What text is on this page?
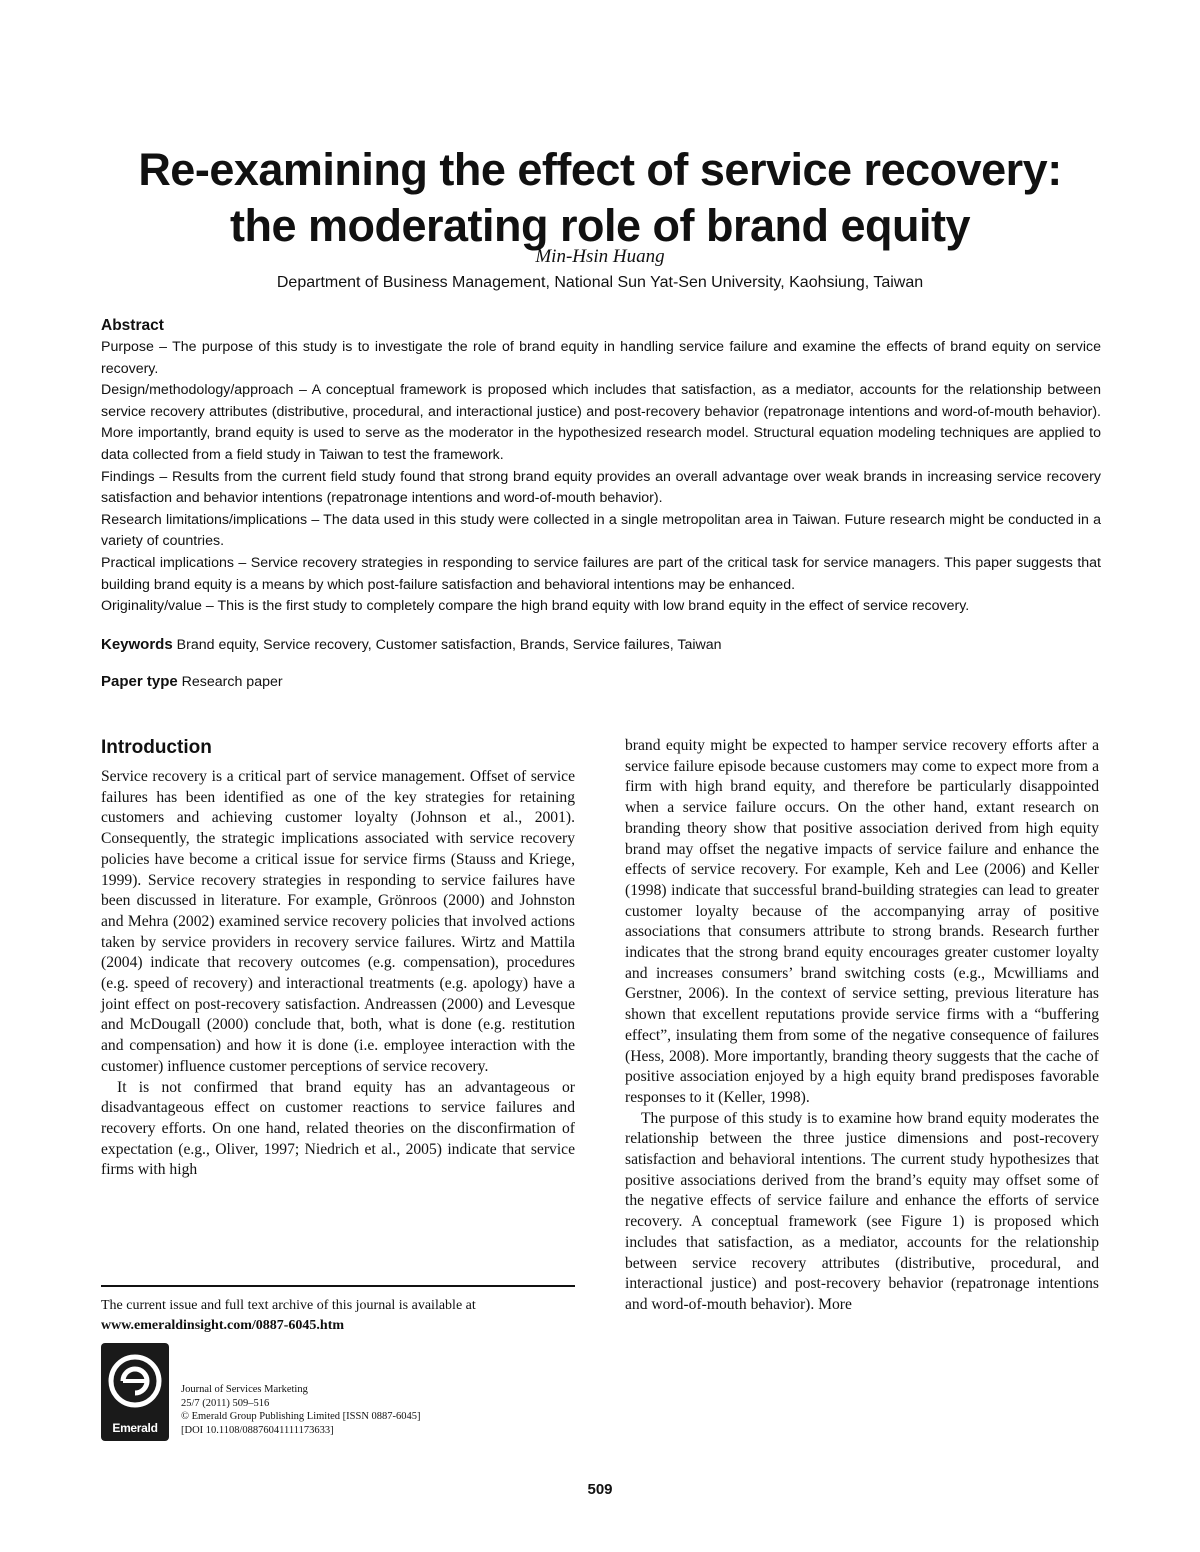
Re-examining the effect of service recovery:
the moderating role of brand equity
Min-Hsin Huang
Department of Business Management, National Sun Yat-Sen University, Kaohsiung, Taiwan
Abstract

Purpose – The purpose of this study is to investigate the role of brand equity in handling service failure and examine the effects of brand equity on service recovery.

Design/methodology/approach – A conceptual framework is proposed which includes that satisfaction, as a mediator, accounts for the relationship between service recovery attributes (distributive, procedural, and interactional justice) and post-recovery behavior (repatronage intentions and word-of-mouth behavior). More importantly, brand equity is used to serve as the moderator in the hypothesized research model. Structural equation modeling techniques are applied to data collected from a field study in Taiwan to test the framework.

Findings – Results from the current field study found that strong brand equity provides an overall advantage over weak brands in increasing service recovery satisfaction and behavior intentions (repatronage intentions and word-of-mouth behavior).

Research limitations/implications – The data used in this study were collected in a single metropolitan area in Taiwan. Future research might be conducted in a variety of countries.

Practical implications – Service recovery strategies in responding to service failures are part of the critical task for service managers. This paper suggests that building brand equity is a means by which post-failure satisfaction and behavioral intentions may be enhanced.

Originality/value – This is the first study to completely compare the high brand equity with low brand equity in the effect of service recovery.

Keywords Brand equity, Service recovery, Customer satisfaction, Brands, Service failures, Taiwan
Paper type Research paper
Introduction

Service recovery is a critical part of service management. Offset of service failures has been identified as one of the key strategies for retaining customers and achieving customer loyalty (Johnson et al., 2001). Consequently, the strategic implications associated with service recovery policies have become a critical issue for service firms (Stauss and Kriege, 1999). Service recovery strategies in responding to service failures have been discussed in literature. For example, Grönroos (2000) and Johnston and Mehra (2002) examined service recovery policies that involved actions taken by service providers in recovery service failures. Wirtz and Mattila (2004) indicate that recovery outcomes (e.g. compensation), procedures (e.g. speed of recovery) and interactional treatments (e.g. apology) have a joint effect on post-recovery satisfaction. Andreassen (2000) and Levesque and McDougall (2000) conclude that, both, what is done (e.g. restitution and compensation) and how it is done (i.e. employee interaction with the customer) influence customer perceptions of service recovery.

It is not confirmed that brand equity has an advantageous or disadvantageous effect on customer reactions to service failures and recovery efforts. On one hand, related theories on the disconfirmation of expectation (e.g., Oliver, 1997; Niedrich et al., 2005) indicate that service firms with high

brand equity might be expected to hamper service recovery efforts after a service failure episode because customers may come to expect more from a firm with high brand equity, and therefore be particularly disappointed when a service failure occurs. On the other hand, extant research on branding theory show that positive association derived from high equity brand may offset the negative impacts of service failure and enhance the effects of service recovery. For example, Keh and Lee (2006) and Keller (1998) indicate that successful brand-building strategies can lead to greater customer loyalty because of the accompanying array of positive associations that consumers attribute to strong brands. Research further indicates that the strong brand equity encourages greater customer loyalty and increases consumers’ brand switching costs (e.g., Mcwilliams and Gerstner, 2006). In the context of service setting, previous literature has shown that excellent reputations provide service firms with a “buffering effect”, insulating them from some of the negative consequence of failures (Hess, 2008). More importantly, branding theory suggests that the cache of positive association enjoyed by a high equity brand predisposes favorable responses to it (Keller, 1998).

The purpose of this study is to examine how brand equity moderates the relationship between the three justice dimensions and post-recovery satisfaction and behavioral intentions. The current study hypothesizes that positive associations derived from the brand’s equity may offset some of the negative effects of service failure and enhance the efforts of service recovery. A conceptual framework (see Figure 1) is proposed which includes that satisfaction, as a mediator, accounts for the relationship between service recovery attributes (distributive, procedural, and interactional justice) and post-recovery behavior (repatronage intentions and word-of-mouth behavior). More

The current issue and full text archive of this journal is available at
www.emeraldinsight.com/0887-6045.htm
Emerald
Journal of Services Marketing
25/7 (2011) 509–516
© Emerald Group Publishing Limited [ISSN 0887-6045]
[DOI 10.1108/08876041111173633]
509
